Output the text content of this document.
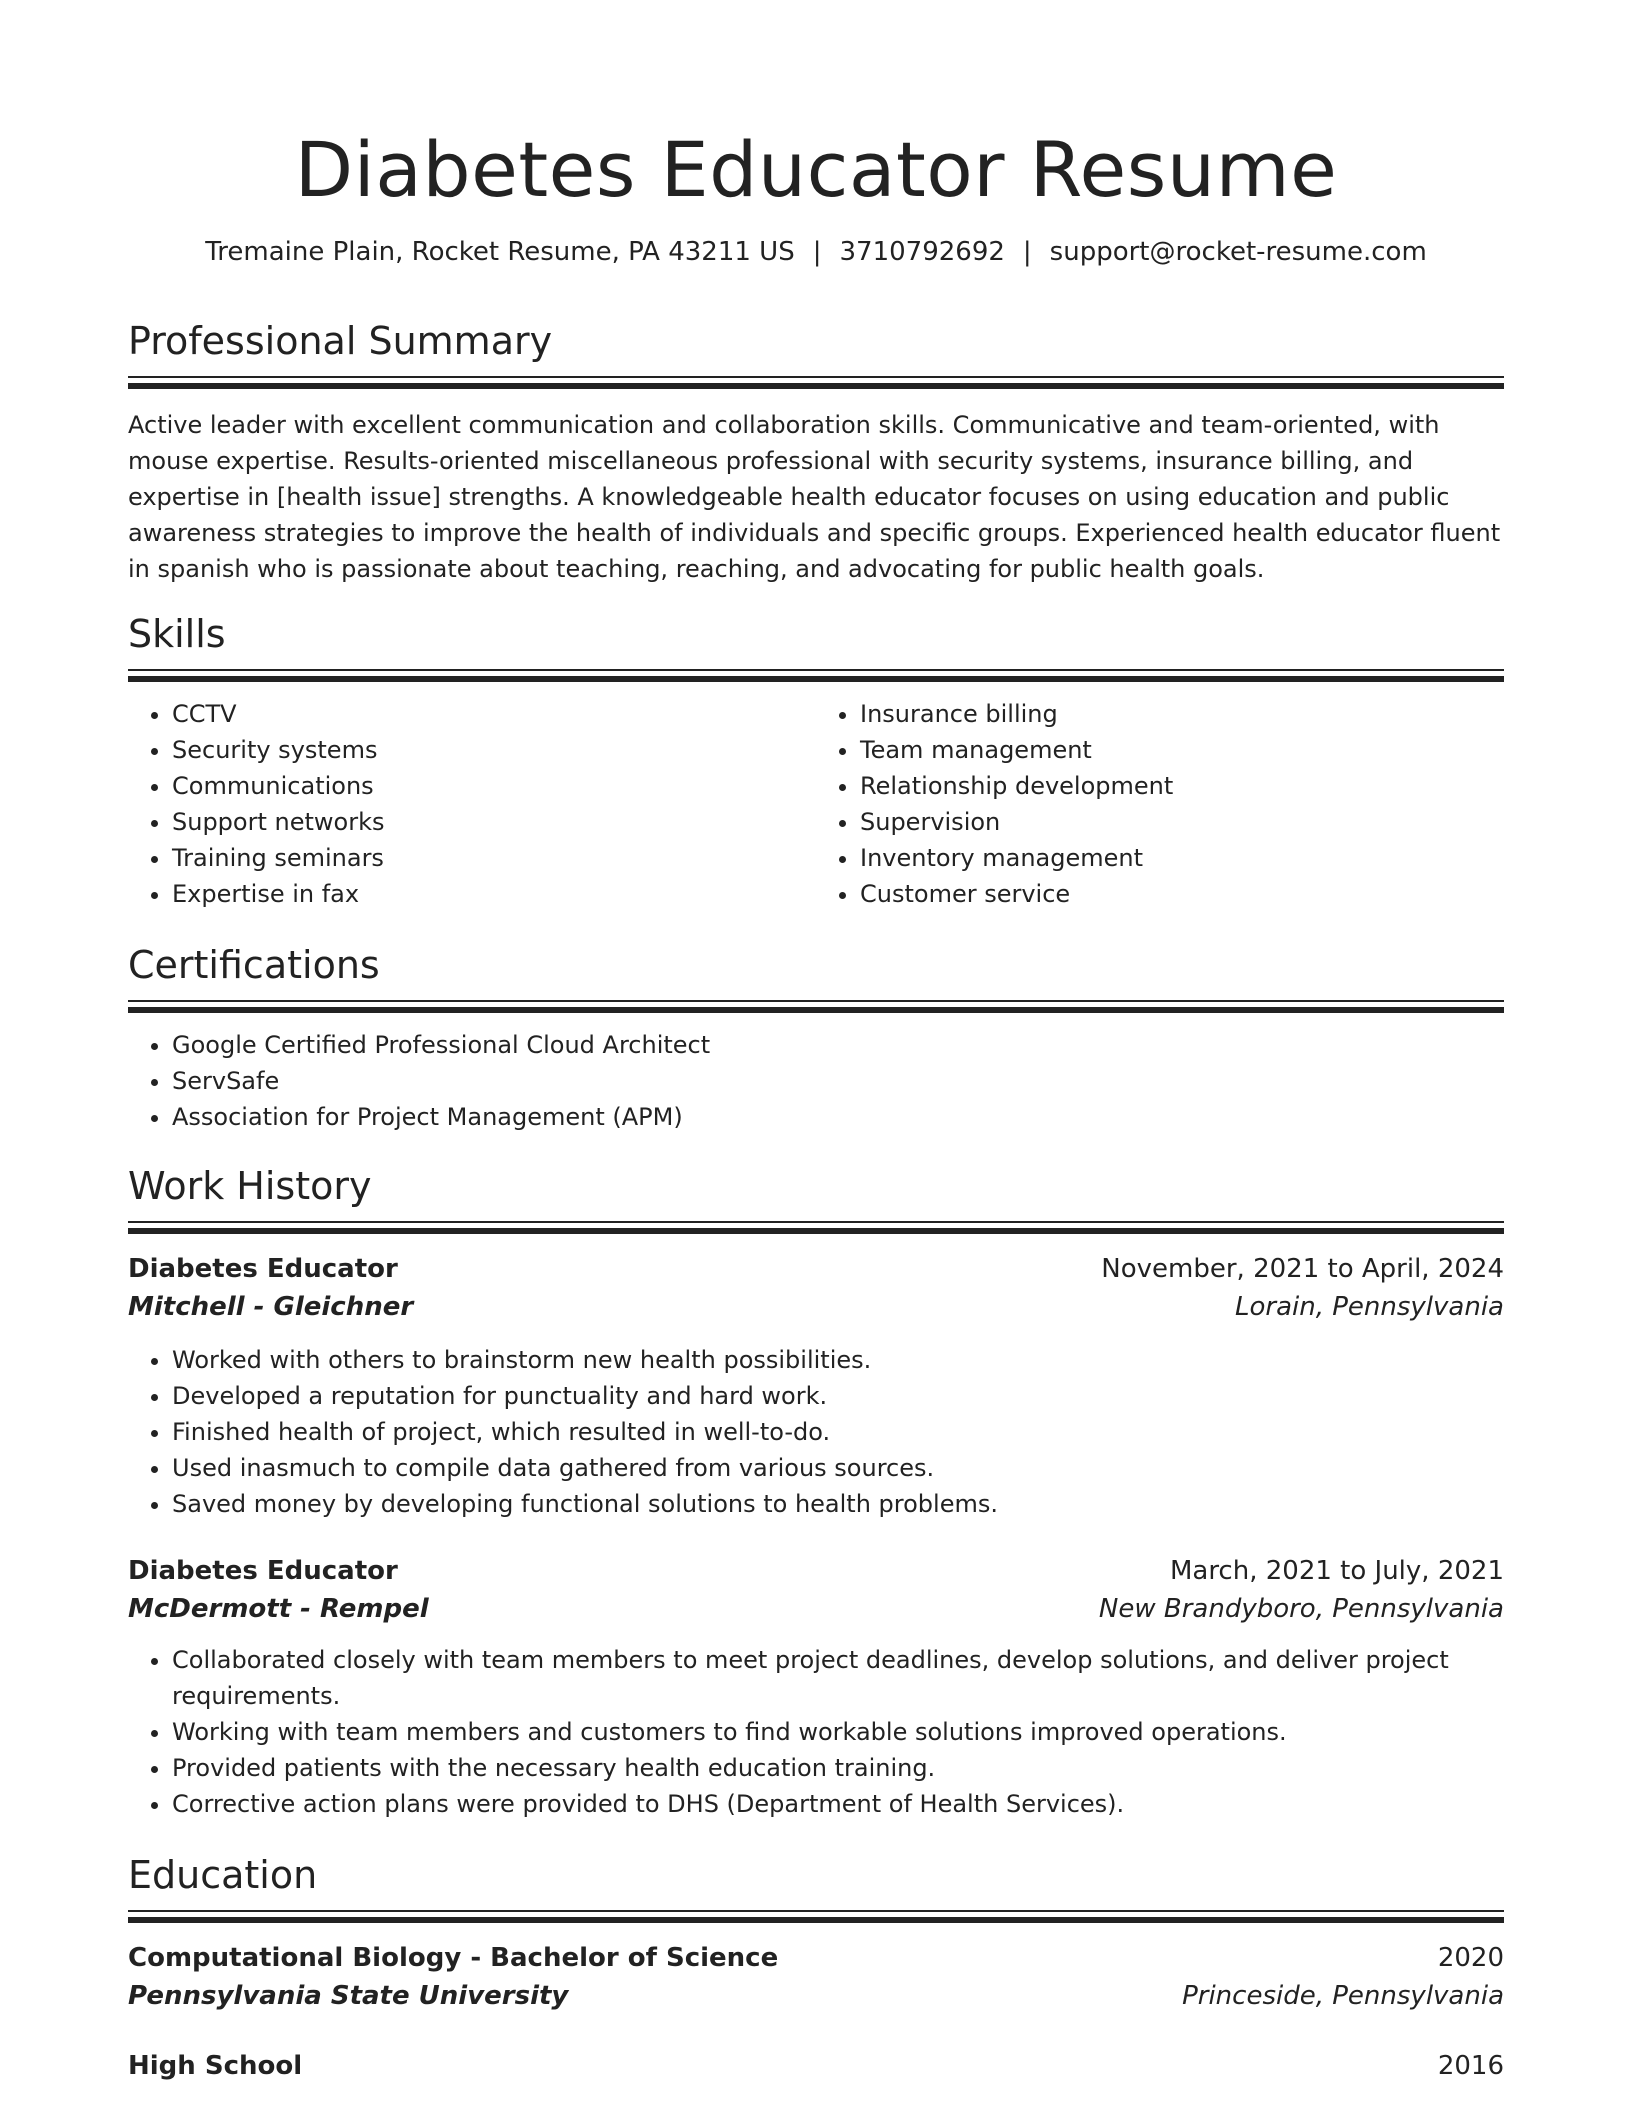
Diabetes Educator Resume
Tremaine Plain, Rocket Resume, PA 43211 US | 3710792692 | support@rocket-resume.com
Professional Summary

Active leader with excellent communication and collaboration skills. Communicative and team-oriented, with mouse expertise. Results-oriented miscellaneous professional with security systems, insurance billing, and expertise in [health issue] strengths. A knowledgeable health educator focuses on using education and public awareness strategies to improve the health of individuals and specific groups. Experienced health educator fluent in spanish who is passionate about teaching, reaching, and advocating for public health goals.

Skills
• CCTV
• Security systems
• Communications
• Support networks
• Training seminars
• Expertise in fax
• Insurance billing
• Team management
• Relationship development
• Supervision
• Inventory management
• Customer service
Certifications
• Google Certified Professional Cloud Architect
• ServSafe
• Association for Project Management (APM)
Work History
Diabetes Educator	November, 2021 to April, 2024
Mitchell - Gleichner	Lorain, Pennsylvania
• Worked with others to brainstorm new health possibilities.
• Developed a reputation for punctuality and hard work.
• Finished health of project, which resulted in well-to-do.
• Used inasmuch to compile data gathered from various sources.
• Saved money by developing functional solutions to health problems.
Diabetes Educator	March, 2021 to July, 2021
McDermott - Rempel	New Brandyboro, Pennsylvania
• Collaborated closely with team members to meet project deadlines, develop solutions, and deliver project requirements.
• Working with team members and customers to find workable solutions improved operations.
• Provided patients with the necessary health education training.
• Corrective action plans were provided to DHS (Department of Health Services).
Education
Computational Biology - Bachelor of Science	2020
Pennsylvania State University	Princeside, Pennsylvania
High School	2016
